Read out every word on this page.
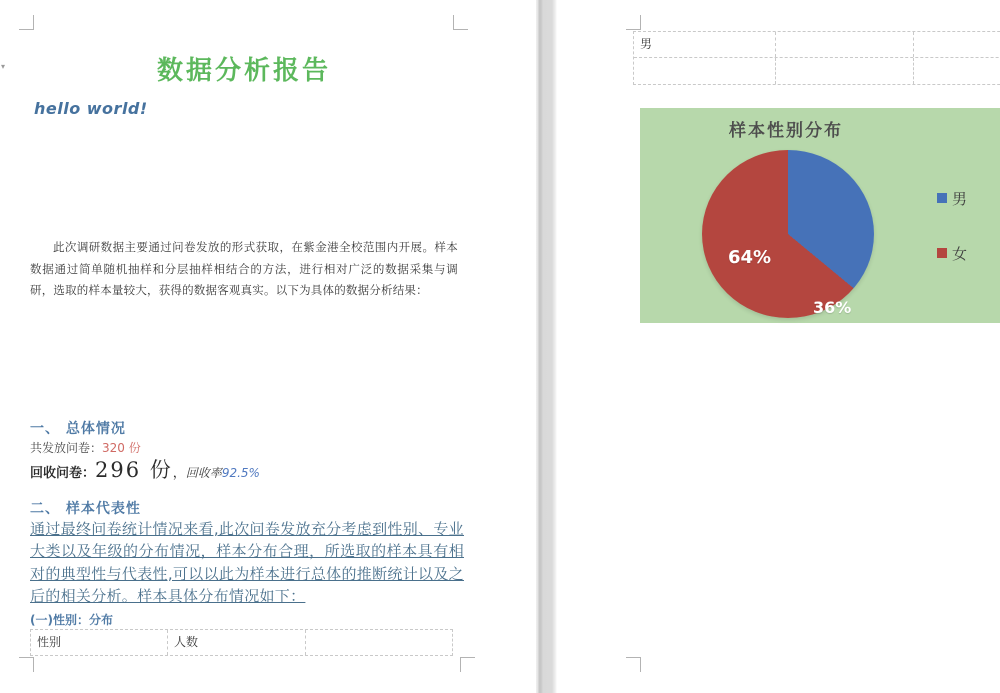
▾	数据分析报告
hello world!
此次调研数据主要通过问卷发放的形式获取，在紫金港全校范围内开展。样本数据通过简单随机抽样和分层抽样相结合的方法，进行相对广泛的数据采集与调研，选取的样本量较大，获得的数据客观真实。以下为具体的数据分析结果：
一、 总体情况
共发放问卷：320 份
回收问卷： 296 份 ， 回收率 92.5%
二、 样本代表性
通过最终问卷统计情况来看,此次问卷发放充分考虑到性别、专业大类以及年级的分布情况，样本分布合理，所选取的样本具有相对的典型性与代表性,可以以此为样本进行总体的推断统计以及之后的相关分析。样本具体分布情况如下：
(一)性别：分布
性别	人数
男
样本性别分布
36%
64%
男
女
